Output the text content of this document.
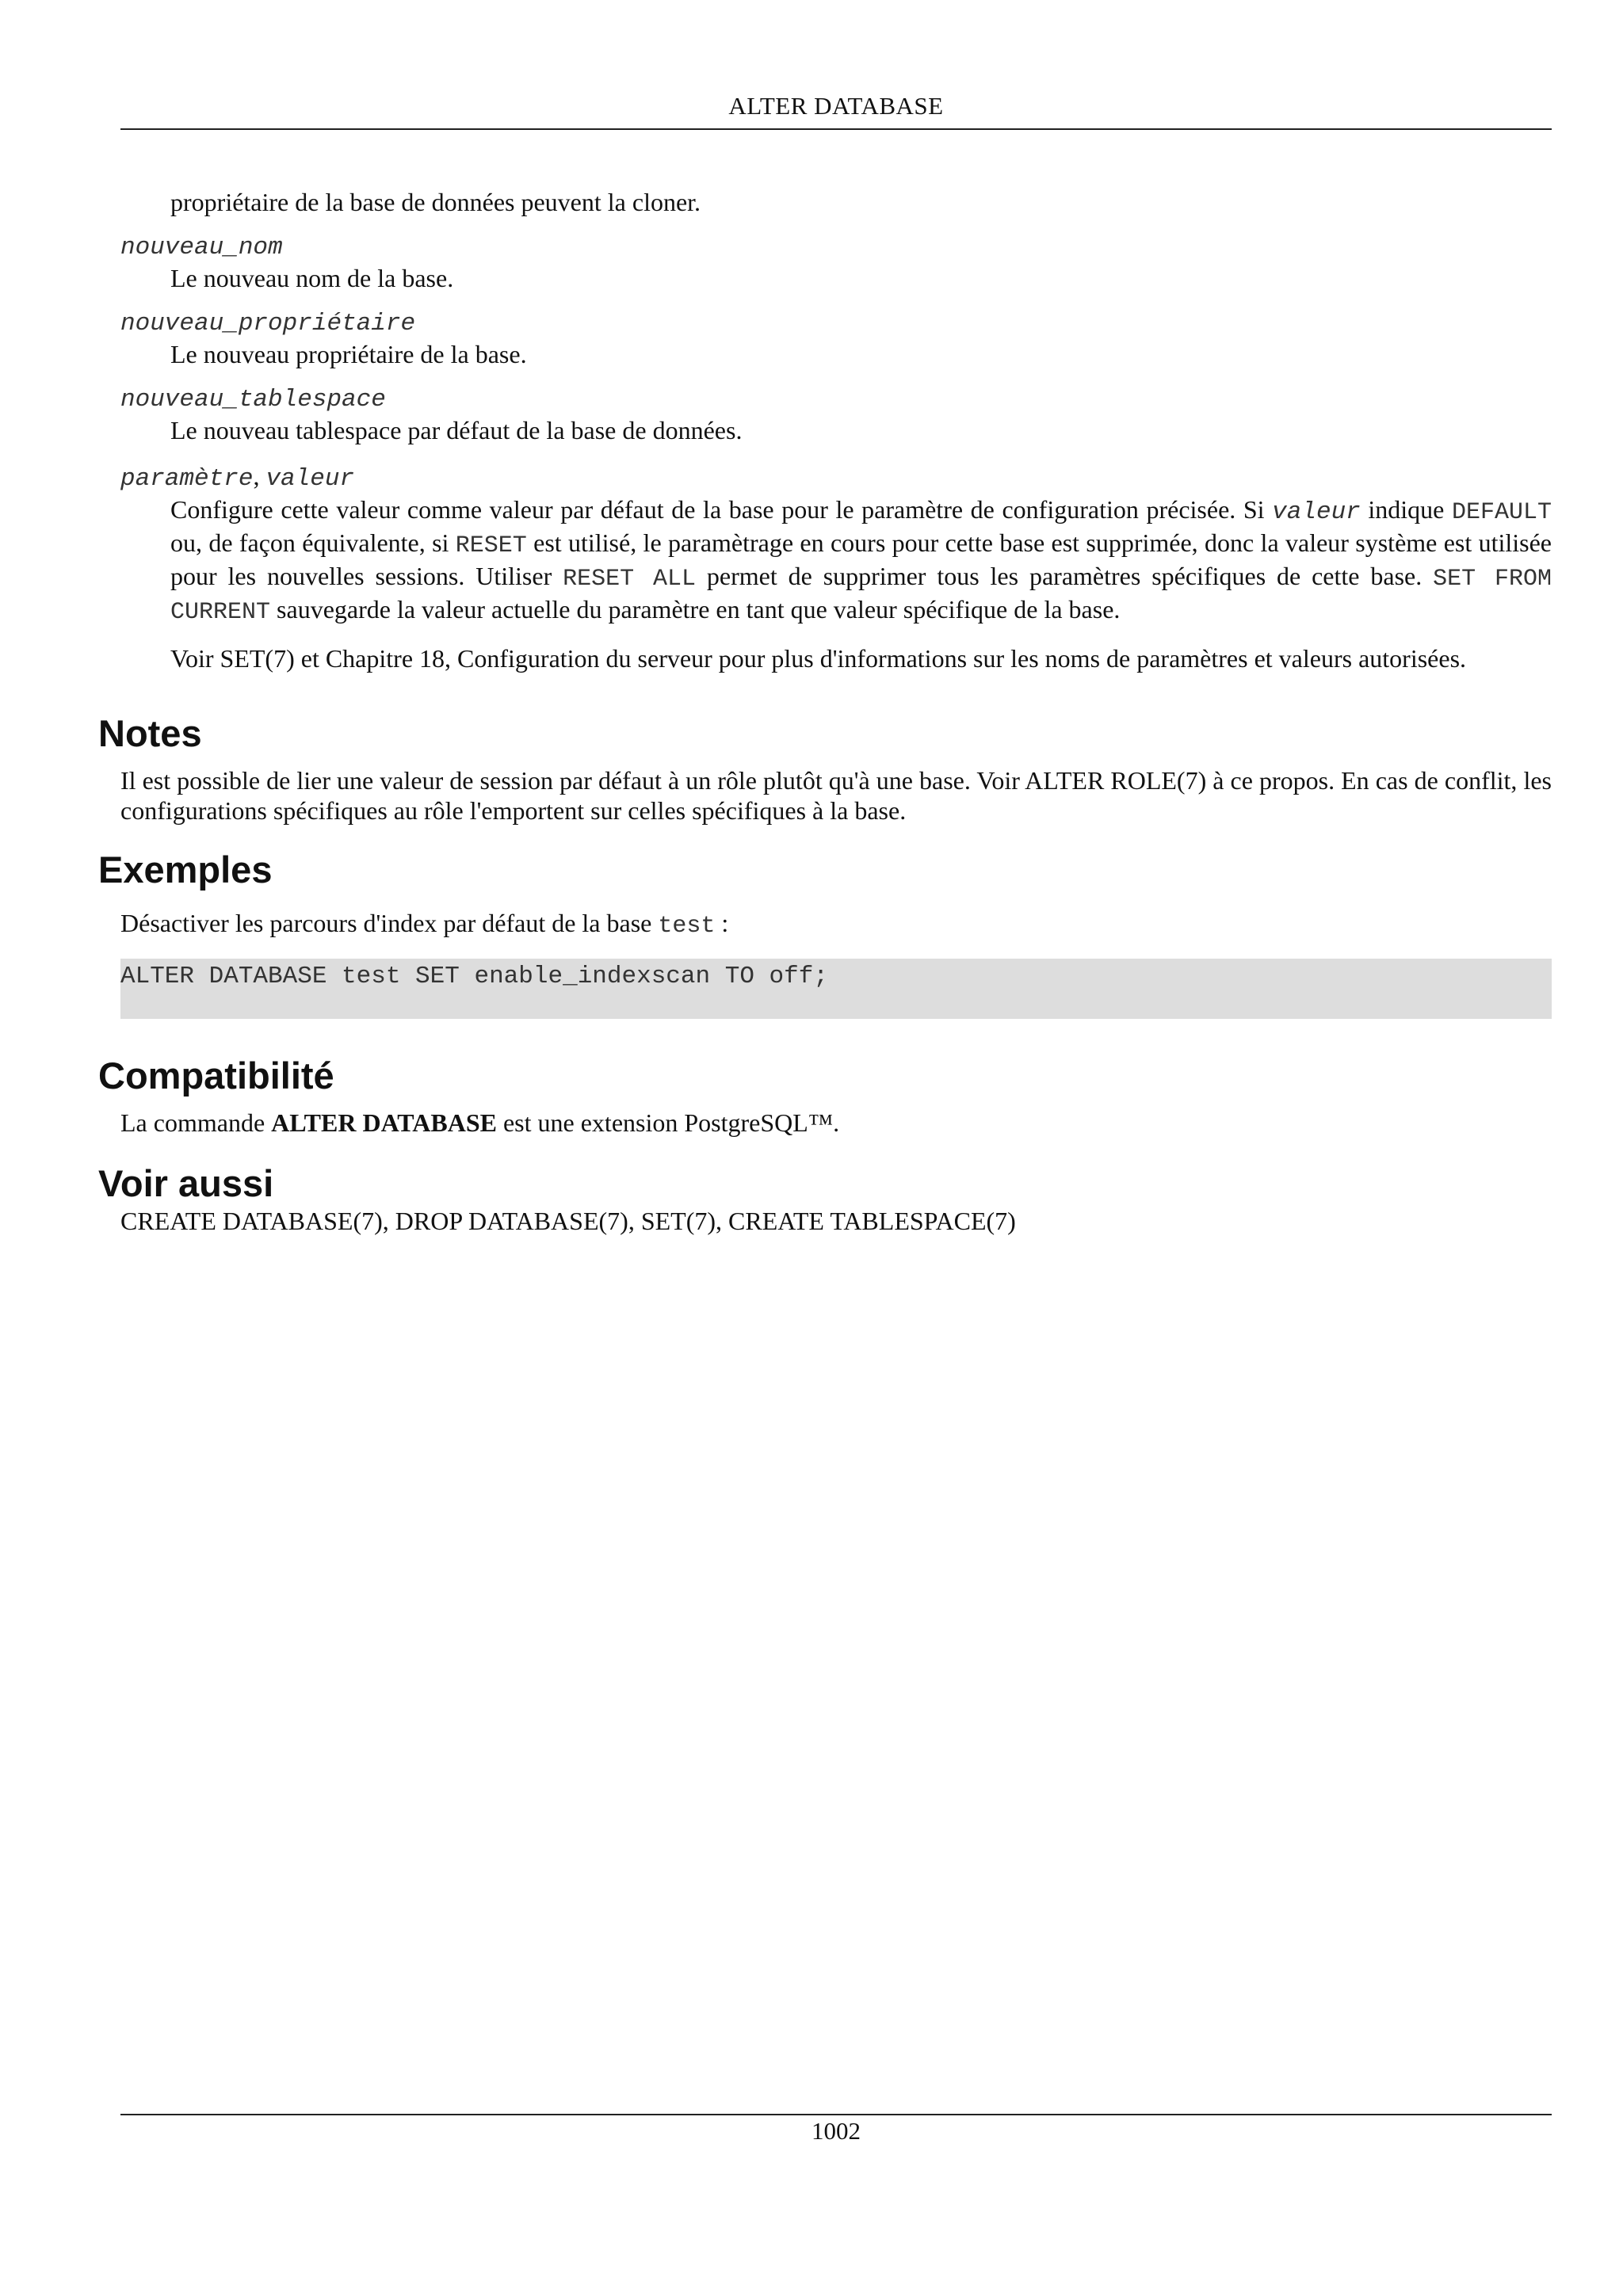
ALTER DATABASE

propriétaire de la base de données peuvent la cloner.

nouveau_nom

Le nouveau nom de la base.

nouveau_propriétaire

Le nouveau propriétaire de la base.

nouveau_tablespace

Le nouveau tablespace par défaut de la base de données.

paramètre, valeur

Configure cette valeur comme valeur par défaut de la base pour le paramètre de configuration précisée. Si valeur indique DEFAULT ou, de façon équivalente, si RESET est utilisé, le paramètrage en cours pour cette base est supprimée, donc la valeur système est utilisée pour les nouvelles sessions. Utiliser RESET ALL permet de supprimer tous les paramètres spécifiques de cette base. SET FROM CURRENT sauvegarde la valeur actuelle du paramètre en tant que valeur spécifique de la base.

Voir SET(7) et Chapitre 18, Configuration du serveur pour plus d'informations sur les noms de paramètres et valeurs autorisées.

Notes

Il est possible de lier une valeur de session par défaut à un rôle plutôt qu'à une base. Voir ALTER ROLE(7) à ce propos. En cas de conflit, les configurations spécifiques au rôle l'emportent sur celles spécifiques à la base.

Exemples

Désactiver les parcours d'index par défaut de la base test :

ALTER DATABASE test SET enable_indexscan TO off;
Compatibilité

La commande ALTER DATABASE est une extension PostgreSQL™.

Voir aussi

CREATE DATABASE(7), DROP DATABASE(7), SET(7), CREATE TABLESPACE(7)

1002
